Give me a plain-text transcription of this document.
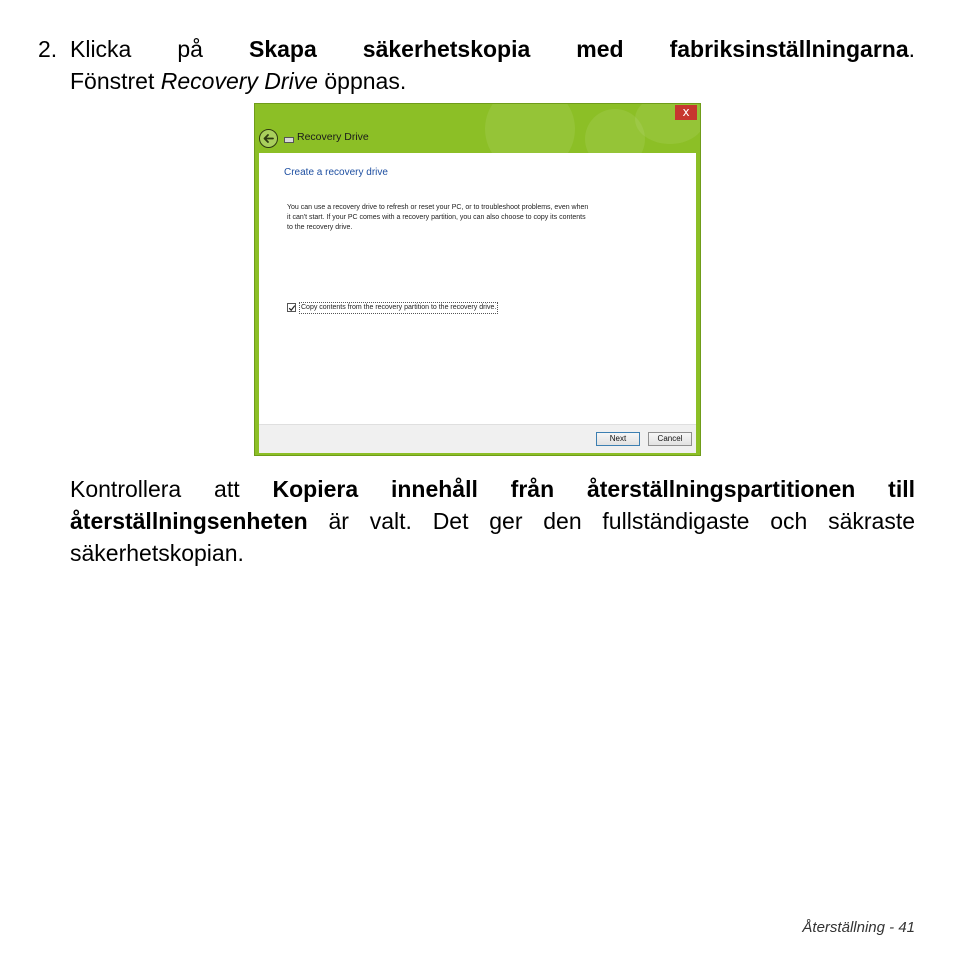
2. Klicka på Skapa säkerhetskopia med fabriksinställningarna.
Fönstret Recovery Drive öppnas.
x
Recovery Drive
Create a recovery drive
You can use a recovery drive to refresh or reset your PC, or to troubleshoot problems, even when
it can't start. If your PC comes with a recovery partition, you can also choose to copy its contents
to the recovery drive.
Copy contents from the recovery partition to the recovery drive.
Next	Cancel
Kontrollera att Kopiera innehåll från återställningspartitionen till
återställningsenheten är valt. Det ger den fullständigaste och säkraste
säkerhetskopian.
Återställning - 41
